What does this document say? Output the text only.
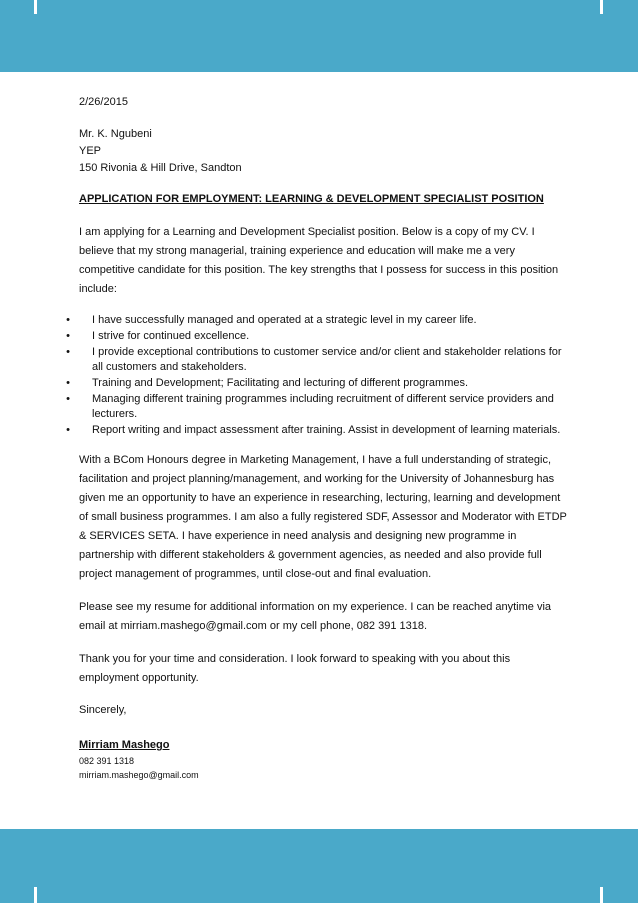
2/26/2015

Mr. K. Ngubeni

YEP

150 Rivonia & Hill Drive, Sandton

APPLICATION FOR EMPLOYMENT: LEARNING & DEVELOPMENT SPECIALIST POSITION

I am applying for a Learning and Development Specialist position. Below is a copy of my CV. I believe that my strong managerial, training experience and education will make me a very competitive candidate for this position. The key strengths that I possess for success in this position include:

•	I have successfully managed and operated at a strategic level in my career life.
•	I strive for continued excellence.
•	I provide exceptional contributions to customer service and/or client and stakeholder relations for all customers and stakeholders.
•	Training and Development; Facilitating and lecturing of different programmes.
•	Managing different training programmes including recruitment of different service providers and lecturers.
•	Report writing and impact assessment after training. Assist in development of learning materials.

With a BCom Honours degree in Marketing Management, I have a full understanding of strategic, facilitation and project planning/management, and working for the University of Johannesburg has given me an opportunity to have an experience in researching, lecturing, learning and development of small business programmes. I am also a fully registered SDF, Assessor and Moderator with ETDP & SERVICES SETA. I have experience in need analysis and designing new programme in partnership with different stakeholders & government agencies, as needed and also provide full project management of programmes, until close-out and final evaluation.

Please see my resume for additional information on my experience. I can be reached anytime via email at mirriam.mashego@gmail.com or my cell phone, 082 391 1318.

Thank you for your time and consideration. I look forward to speaking with you about this employment opportunity.

Sincerely,

Mirriam Mashego

082 391 1318

mirriam.mashego@gmail.com
